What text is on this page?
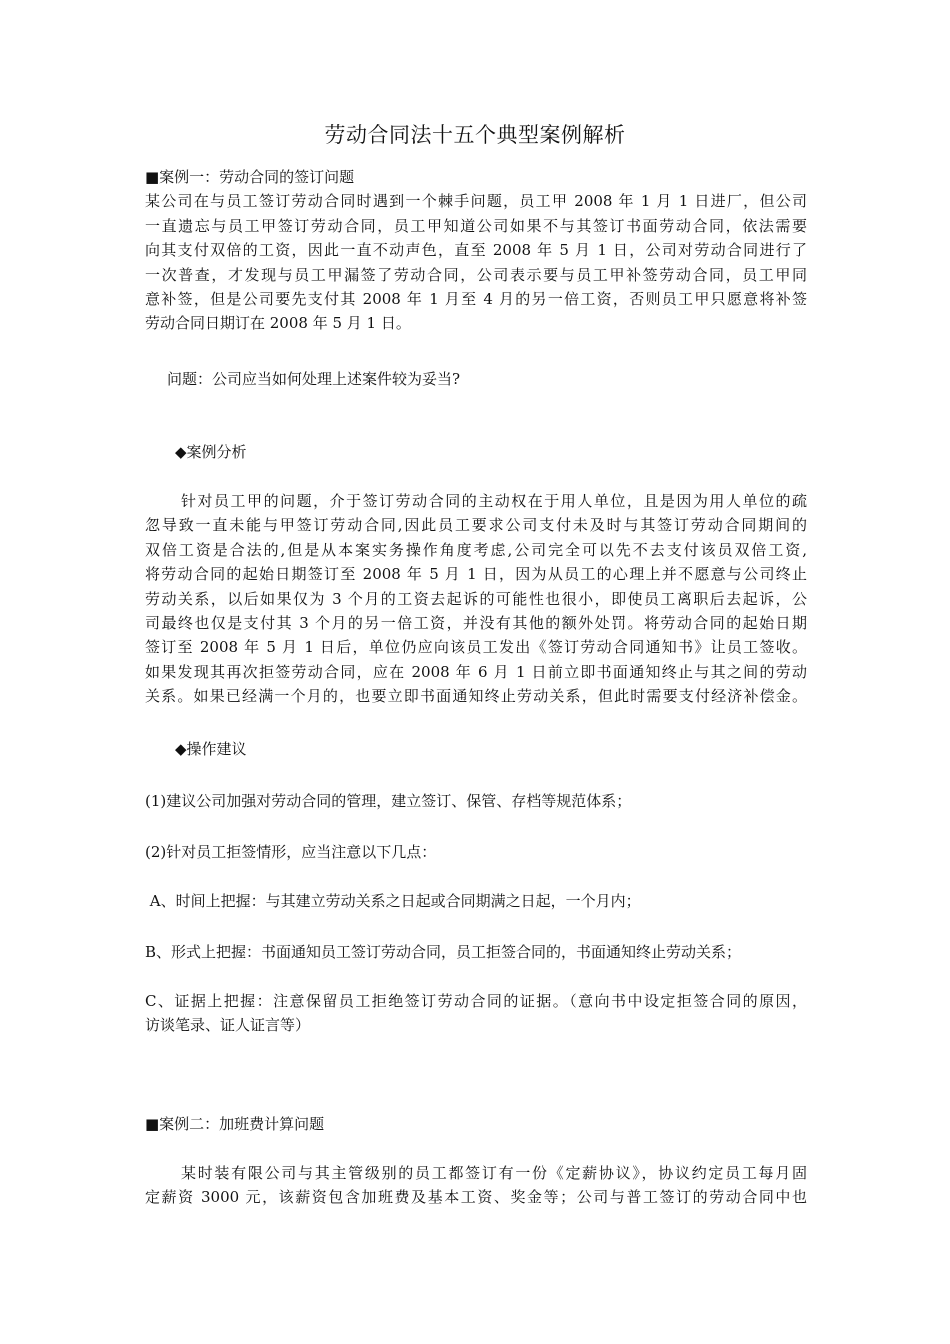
劳动合同法十五个典型案例解析
■案例一：劳动合同的签订问题
某公司在与员工签订劳动合同时遇到一个棘手问题，员工甲 2008 年 1 月 1 日进厂，但公司
一直遗忘与员工甲签订劳动合同，员工甲知道公司如果不与其签订书面劳动合同，依法需要
向其支付双倍的工资，因此一直不动声色，直至 2008 年 5 月 1 日，公司对劳动合同进行了
一次普查，才发现与员工甲漏签了劳动合同，公司表示要与员工甲补签劳动合同，员工甲同
意补签，但是公司要先支付其 2008 年 1 月至 4 月的另一倍工资，否则员工甲只愿意将补签
劳动合同日期订在 2008 年 5 月 1 日。
问题：公司应当如何处理上述案件较为妥当?
◆案例分析
针对员工甲的问题，介于签订劳动合同的主动权在于用人单位，且是因为用人单位的疏
忽导致一直未能与甲签订劳动合同,因此员工要求公司支付未及时与其签订劳动合同期间的
双倍工资是合法的,但是从本案实务操作角度考虑,公司完全可以先不去支付该员双倍工资,
将劳动合同的起始日期签订至 2008 年 5 月 1 日，因为从员工的心理上并不愿意与公司终止
劳动关系，以后如果仅为 3 个月的工资去起诉的可能性也很小，即使员工离职后去起诉，公
司最终也仅是支付其 3 个月的另一倍工资，并没有其他的额外处罚。将劳动合同的起始日期
签订至 2008 年 5 月 1 日后，单位仍应向该员工发出《签订劳动合同通知书》让员工签收。
如果发现其再次拒签劳动合同，应在 2008 年 6 月 1 日前立即书面通知终止与其之间的劳动
关系。如果已经满一个月的，也要立即书面通知终止劳动关系，但此时需要支付经济补偿金。
◆操作建议
(1)建议公司加强对劳动合同的管理，建立签订、保管、存档等规范体系；
(2)针对员工拒签情形，应当注意以下几点：
A、时间上把握：与其建立劳动关系之日起或合同期满之日起，一个月内；
B、形式上把握：书面通知员工签订劳动合同，员工拒签合同的，书面通知终止劳动关系；
C、证据上把握：注意保留员工拒绝签订劳动合同的证据。（意向书中设定拒签合同的原因，
访谈笔录、证人证言等）
■案例二：加班费计算问题
某时装有限公司与其主管级别的员工都签订有一份《定薪协议》，协议约定员工每月固
定薪资 3000 元，该薪资包含加班费及基本工资、奖金等；公司与普工签订的劳动合同中也
